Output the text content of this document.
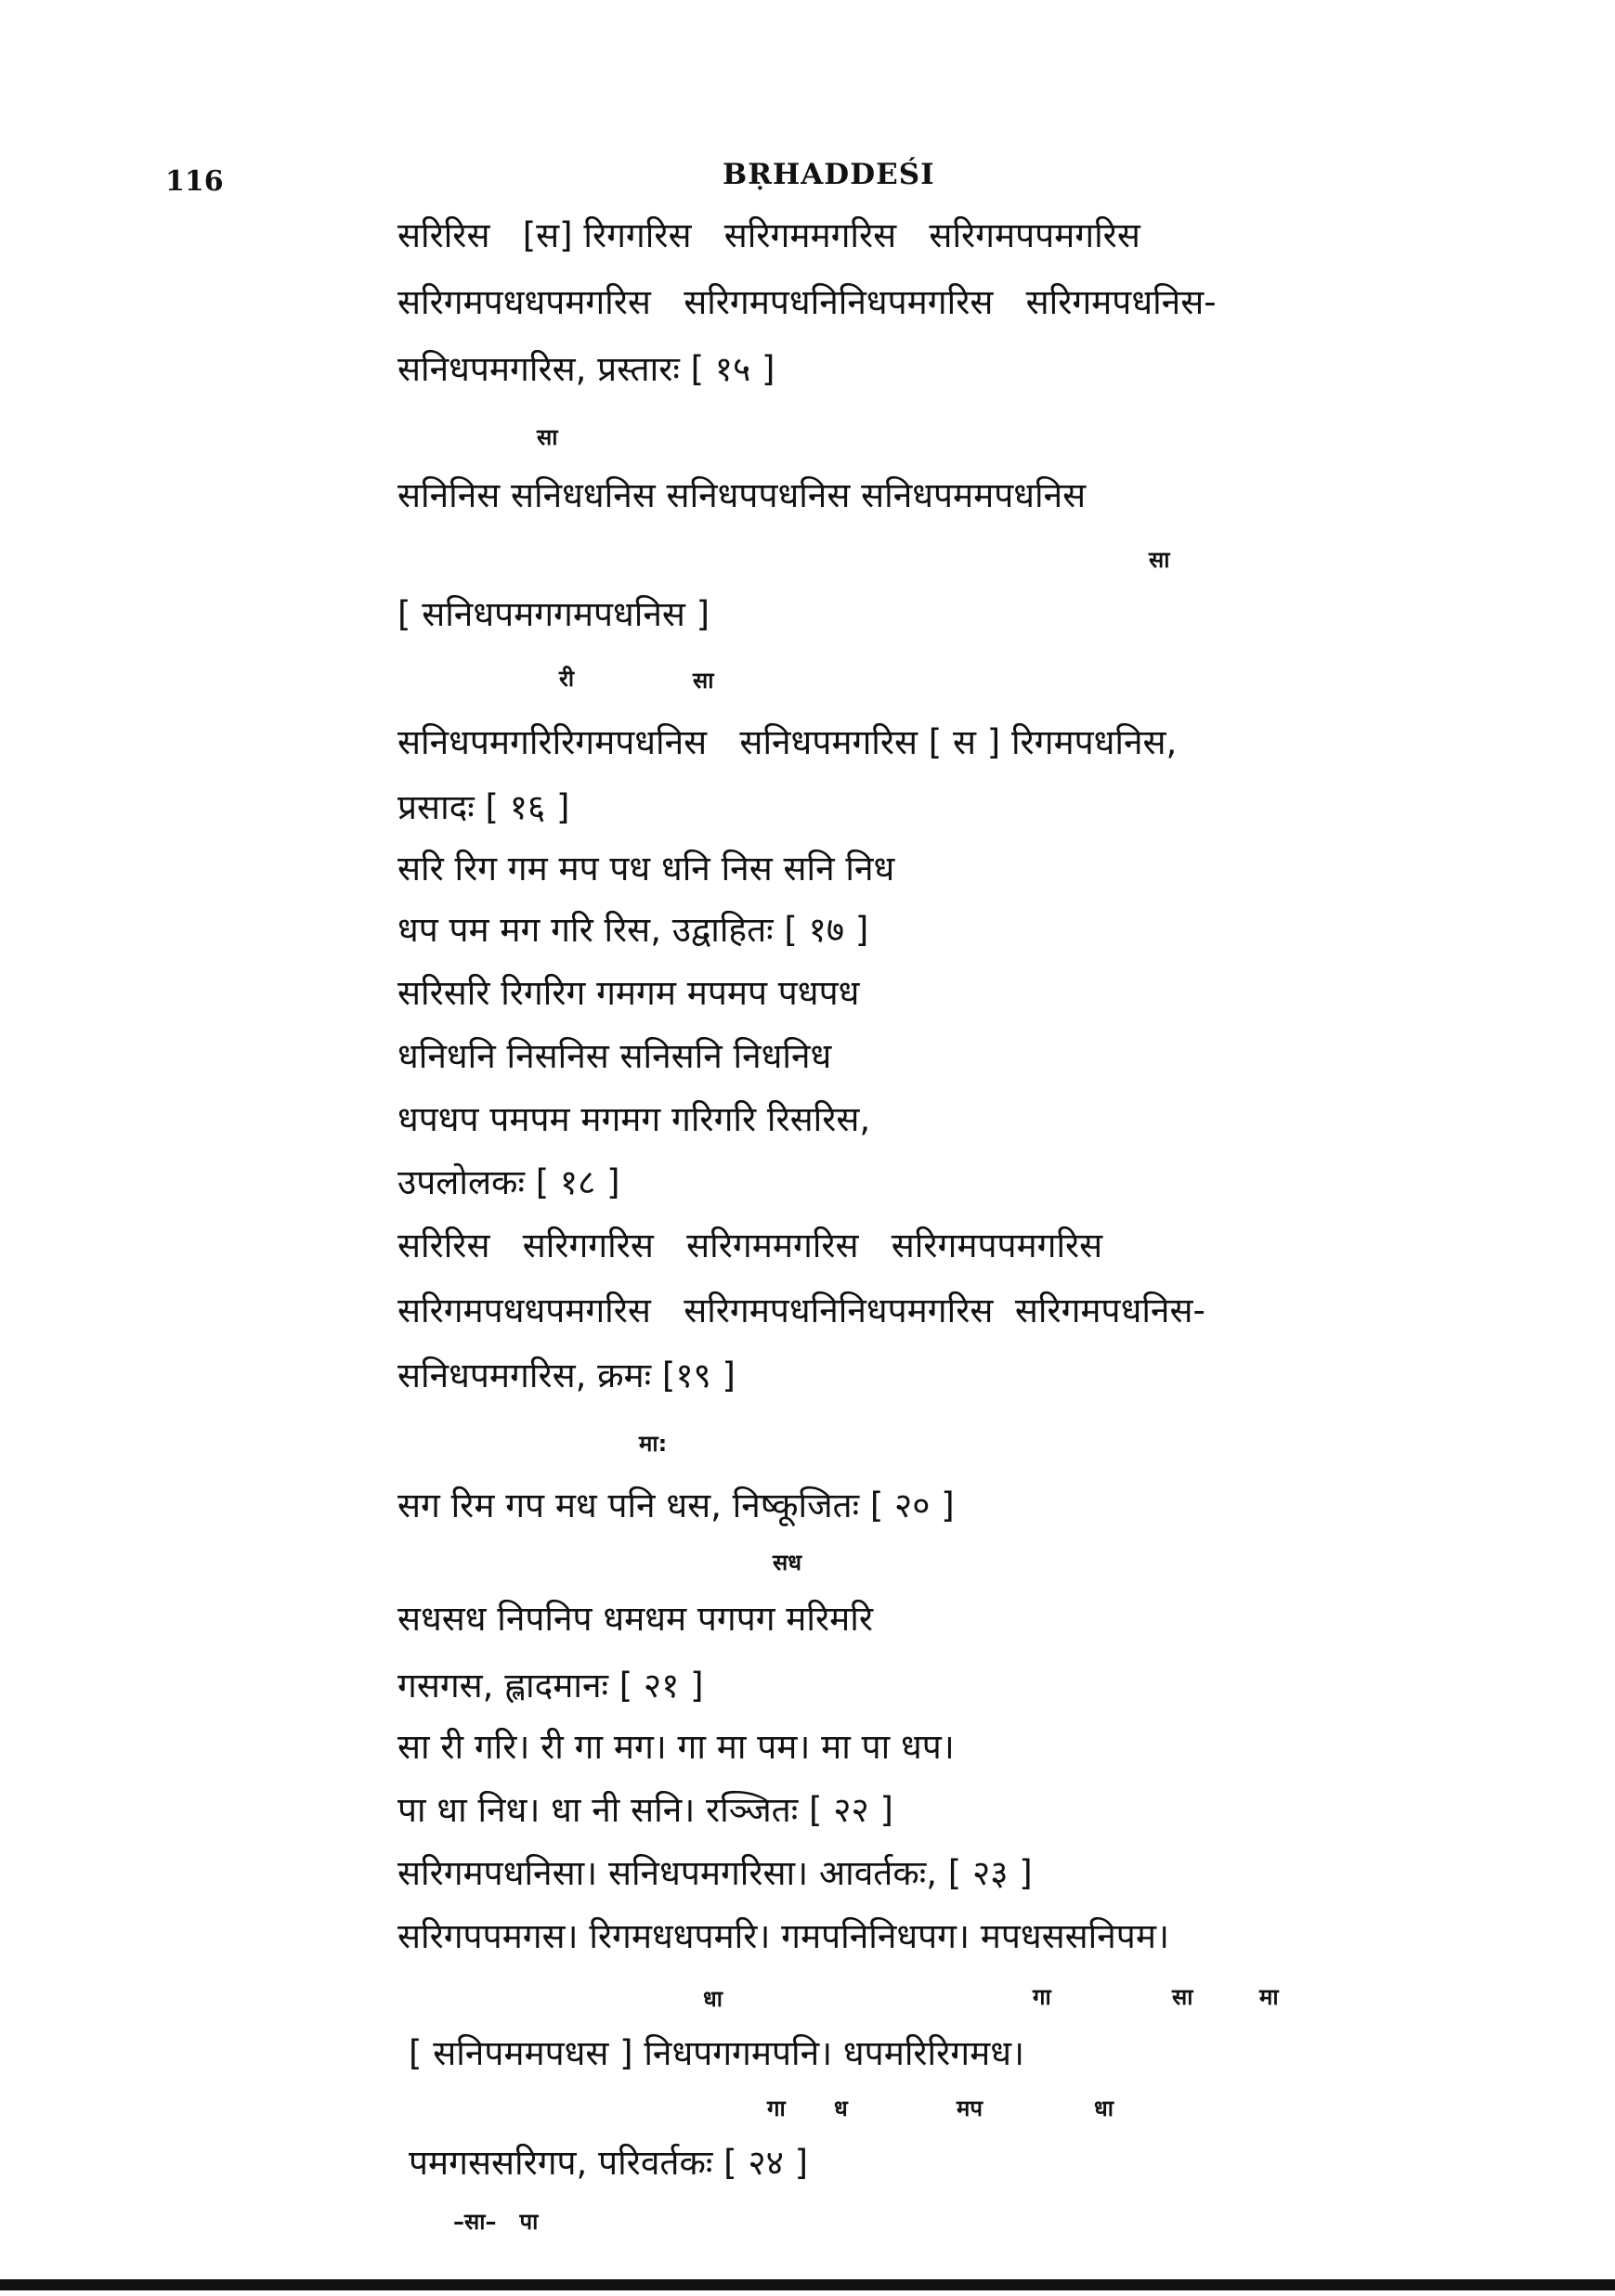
116	BṚHADDEŚI
सरिरिस   [स] रिगगरिस   सरिगममगरिस   सरिगमपपमगरिस
सरिगमपधधपमगरिस   सरिगमपधनिनिधपमगरिस   सरिगमपधनिस-
सनिधपमगरिस, प्रस्तारः [ १५ ]
सा
सनिनिस सनिधधनिस सनिधपपधनिस सनिधपममपधनिस
सा
[ सनिधपमगगमपधनिस ]
री	सा
सनिधपमगरिरिगमपधनिस   सनिधपमगरिस [ स ] रिगमपधनिस,
प्रसादः [ १६ ]
सरि रिग गम मप पध धनि निस सनि निध
धप पम मग गरि रिस, उद्वाहितः [ १७ ]
सरिसरि रिगरिग गमगम मपमप पधपध
धनिधनि निसनिस सनिसनि निधनिध
धपधप पमपम मगमग गरिगरि रिसरिस,
उपलोलकः [ १८ ]
सरिरिस   सरिगगरिस   सरिगममगरिस   सरिगमपपमगरिस
सरिगमपधधपमगरिस   सरिगमपधनिनिधपमगरिस  सरिगमपधनिस-
सनिधपमगरिस, क्रमः [१९ ]
मा:
सग रिम गप मध पनि धस, निष्कूजितः [ २० ]
सध
सधसध निपनिप धमधम पगपग मरिमरि
गसगस, ह्लादमानः [ २१ ]
सा री गरि। री गा मग। गा मा पम। मा पा धप।
पा धा निध। धा नी सनि। रञ्जितः [ २२ ]
सरिगमपधनिसा। सनिधपमगरिसा। आवर्तकः, [ २३ ]
सरिगपपमगस। रिगमधधपमरि। गमपनिनिधपग। मपधससनिपम।
धा	गा	सा	मा
[ सनिपममपधस ] निधपगगमपनि। धपमरिरिगमध।
गा ध	मप	धा
पमगससरिगप, परिवर्तकः [ २४ ]
–सा–   पा
